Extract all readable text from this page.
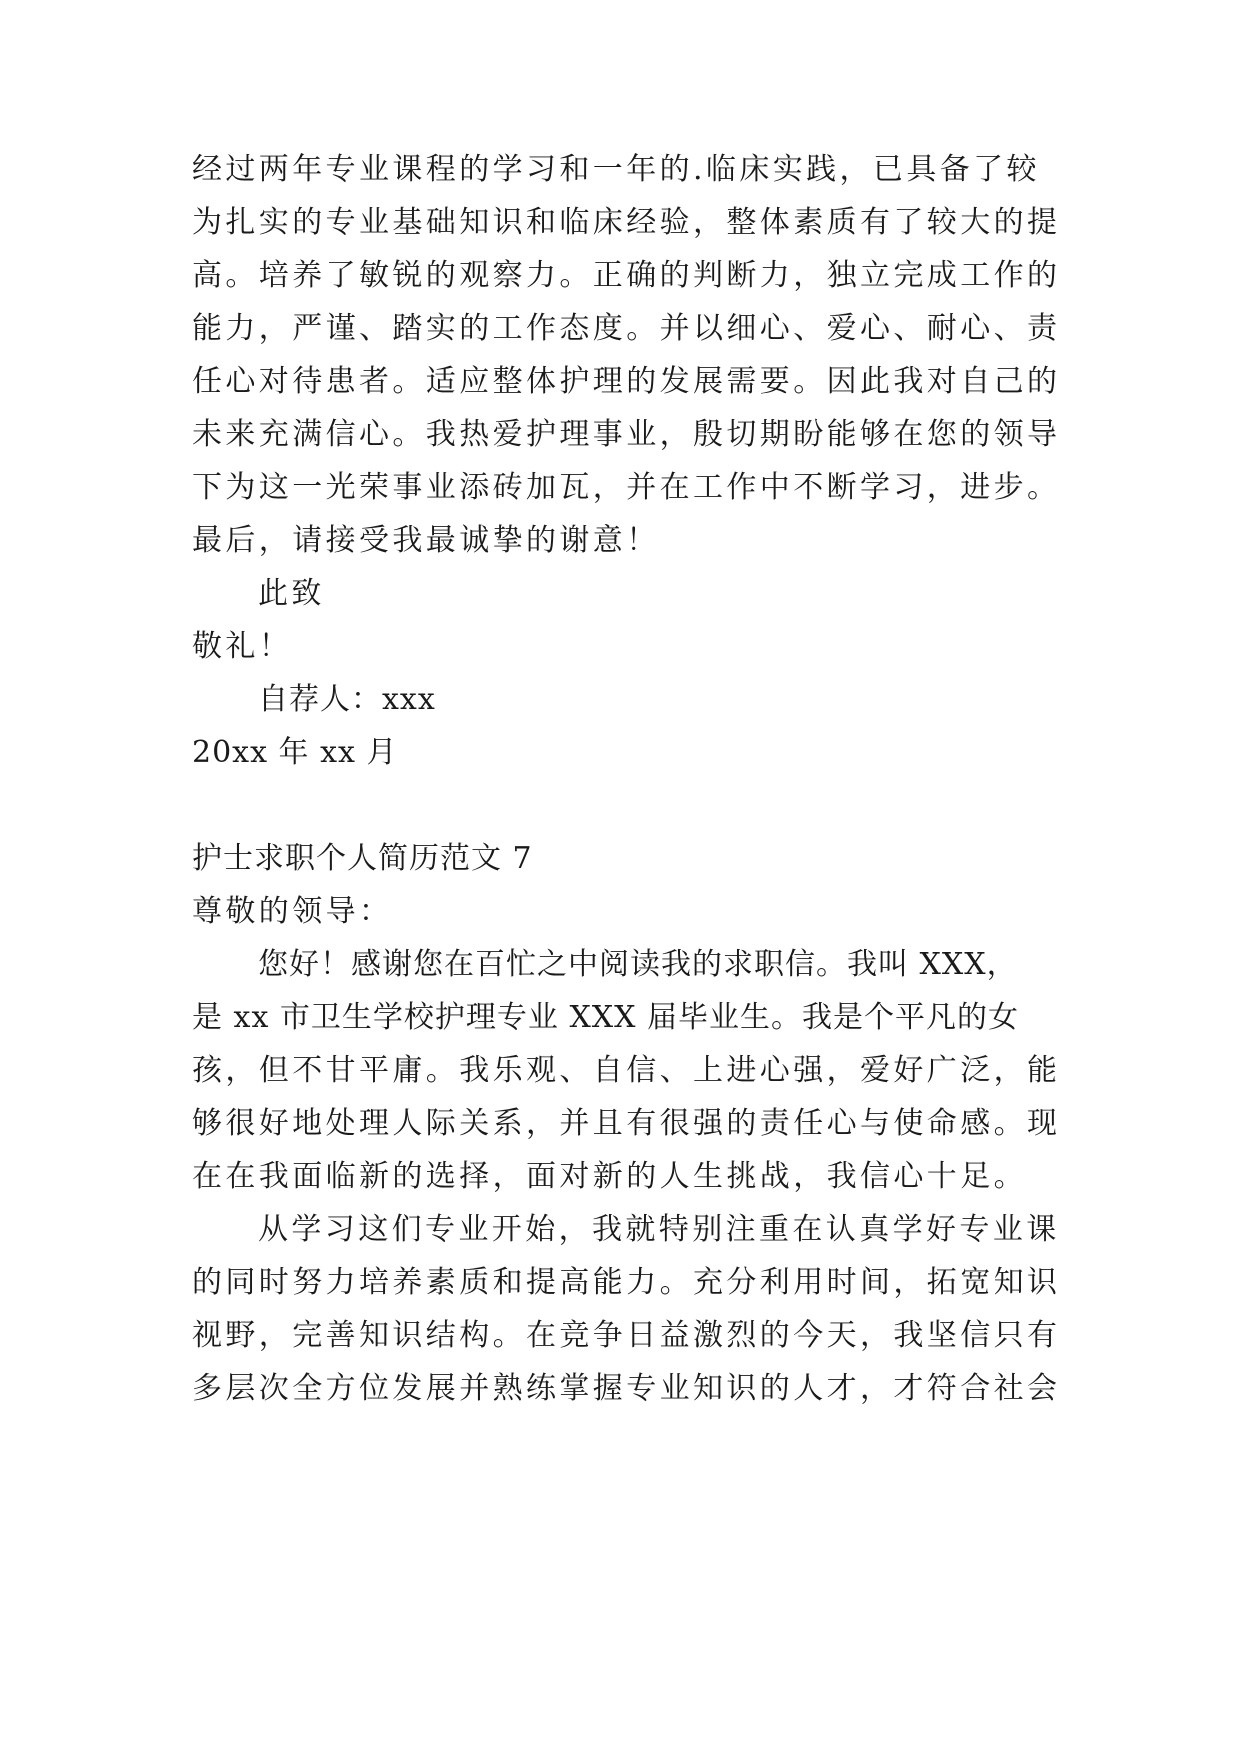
经过两年专业课程的学习和一年的.临床实践，已具备了较
为扎实的专业基础知识和临床经验，整体素质有了较大的提
高。培养了敏锐的观察力。正确的判断力，独立完成工作的
能力，严谨、踏实的工作态度。并以细心、爱心、耐心、责
任心对待患者。适应整体护理的发展需要。因此我对自己的
未来充满信心。我热爱护理事业，殷切期盼能够在您的领导
下为这一光荣事业添砖加瓦，并在工作中不断学习，进步。
最后，请接受我最诚挚的谢意！
此致
敬礼！
自荐人：xxx
20xx 年 xx 月
护士求职个人简历范文 7
尊敬的领导：
您好！感谢您在百忙之中阅读我的求职信。我叫 XXX，
是 xx 市卫生学校护理专业 XXX 届毕业生。我是个平凡的女
孩，但不甘平庸。我乐观、自信、上进心强，爱好广泛，能
够很好地处理人际关系，并且有很强的责任心与使命感。现
在在我面临新的选择，面对新的人生挑战，我信心十足。
从学习这们专业开始，我就特别注重在认真学好专业课
的同时努力培养素质和提高能力。充分利用时间，拓宽知识
视野，完善知识结构。在竞争日益激烈的今天，我坚信只有
多层次全方位发展并熟练掌握专业知识的人才，才符合社会
